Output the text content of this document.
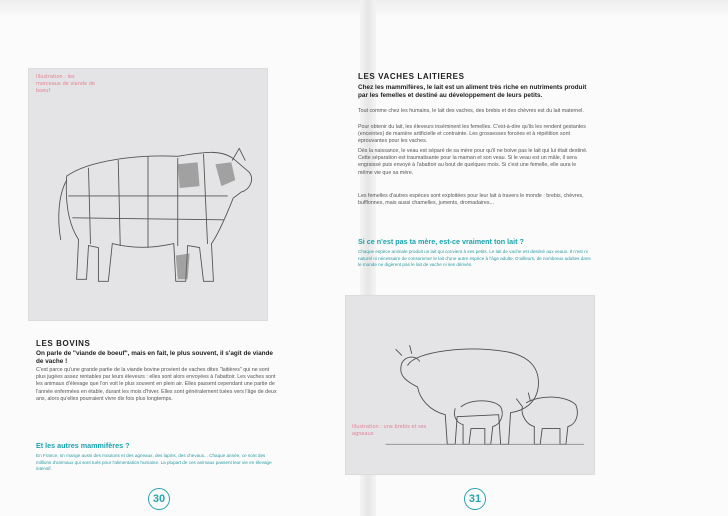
Illustration : les morceaux de viande de boeuf
LES BOVINS
On parle de "viande de boeuf", mais en fait, le plus souvent, il s'agit de viande de vache !
C'est parce qu'une grande partie de la viande bovine provient de vaches dites "laitières" qui ne sont plus jugées assez rentables par leurs éleveurs : elles sont alors envoyées à l'abattoir. Les vaches sont les animaux d'élevage que l'on voit le plus souvent en plein air. Elles passent cependant une partie de l'année enfermées en étable, durant les mois d'hiver. Elles sont généralement tuées vers l'âge de deux ans, alors qu'elles pourraient vivre dix fois plus longtemps.
Et les autres mammifères ?
En France, on mange aussi des moutons et des agneaux, des lapins, des chevaux... Chaque année, ce sont des millions d'animaux qui sont tués pour l'alimentation humaine. La plupart de ces animaux passent leur vie en élevage intensif.
30
LES VACHES LAITIERES
Chez les mammifères, le lait est un aliment très riche en nutriments produit par les femelles et destiné au développement de leurs petits.
Tout comme chez les humains, le lait des vaches, des brebis et des chèvres est du lait maternel.
Pour obtenir du lait, les éleveurs inséminent les femelles. C'est-à-dire qu'ils les rendent gestantes (enceintes) de manière artificielle et contrainte. Les grossesses forcées et à répétition sont éprouvantes pour les vaches.
Dès la naissance, le veau est séparé de sa mère pour qu'il ne boive pas le lait qui lui était destiné. Cette séparation est traumatisante pour la maman et son veau. Si le veau est un mâle, il sera engraissé puis envoyé à l'abattoir au bout de quelques mois. Si c'est une femelle, elle aura le même vie que sa mère.
Les femelles d'autres espèces sont exploitées pour leur lait à travers le monde : brebis, chèvres, bufflonnes, mais aussi chamelles, juments, dromadaires...
Si ce n'est pas ta mère, est-ce vraiment ton lait ?
Chaque espèce animale produit un lait qui convient à ses petits. Le lait de vache est destiné aux veaux. Il n'est ni naturel ni nécessaire de consommer le lait d'une autre espèce à l'âge adulte. D'ailleurs, de nombreux adultes dans le monde ne digèrent pas le lait de vache ni ses dérivés.
Illustration : une brebis et ses agneaux
31
